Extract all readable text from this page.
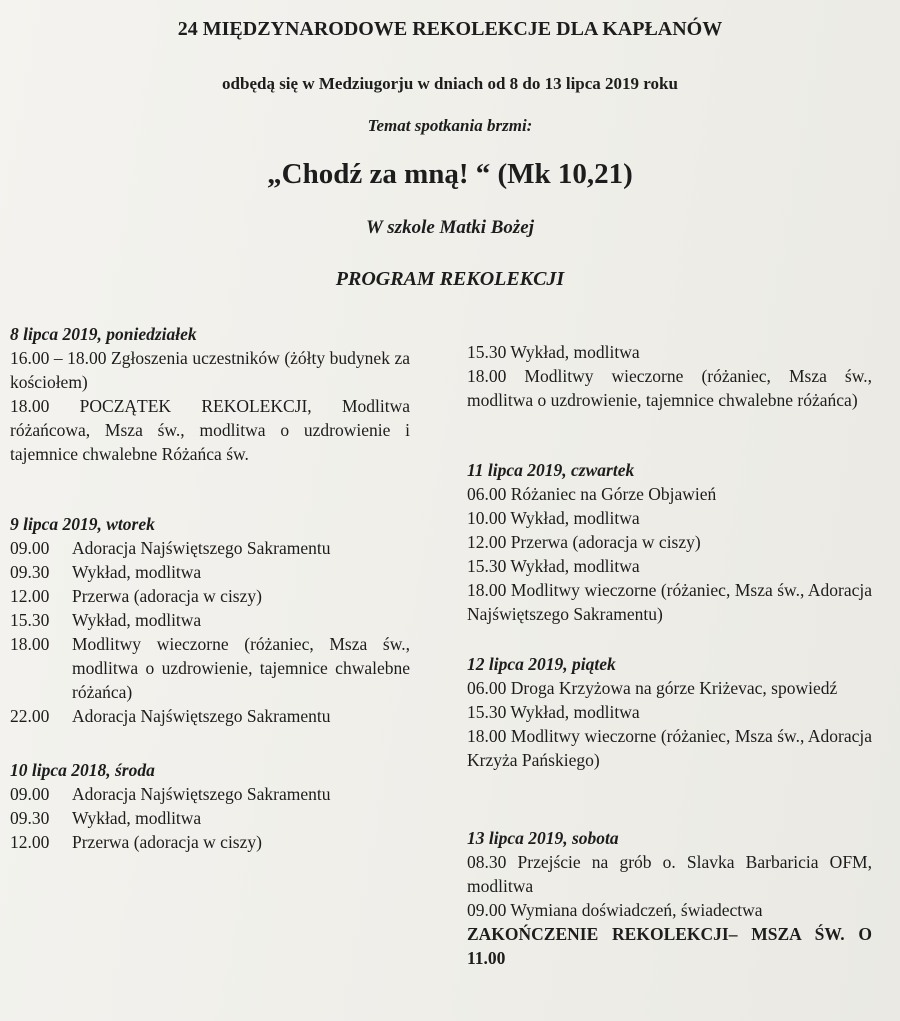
24 MIĘDZYNARODOWE REKOLEKCJE DLA KAPŁANÓW
odbędą się w Medziugorju w dniach od 8 do 13 lipca 2019 roku
Temat spotkania brzmi:
„Chodź za mną! “ (Mk 10,21)
W szkole Matki Bożej
PROGRAM REKOLEKCJI
8 lipca 2019, poniedziałek
16.00 – 18.00 Zgłoszenia uczestników (żółty budynek za kościołem)
18.00 POCZĄTEK REKOLEKCJI, Modlitwa różańcowa, Msza św., modlitwa o uzdrowienie i tajemnice chwalebne Różańca św.
9 lipca 2019, wtorek
09.00	Adoracja Najświętszego Sakramentu
09.30	Wykład, modlitwa
12.00	Przerwa (adoracja w ciszy)
15.30	Wykład, modlitwa
18.00	Modlitwy wieczorne (różaniec, Msza św., modlitwa o uzdrowienie, tajemnice chwalebne różańca)
22.00	Adoracja Najświętszego Sakramentu
10 lipca 2018, środa
09.00	Adoracja Najświętszego Sakramentu
09.30	Wykład, modlitwa
12.00	Przerwa (adoracja w ciszy)
15.30 Wykład, modlitwa
18.00 Modlitwy wieczorne (różaniec, Msza św., modlitwa o uzdrowienie, tajemnice chwalebne różańca)
11 lipca 2019, czwartek
06.00 Różaniec na Górze Objawień
10.00 Wykład, modlitwa
12.00 Przerwa (adoracja w ciszy)
15.30 Wykład, modlitwa
18.00 Modlitwy wieczorne (różaniec, Msza św., Adoracja Najświętszego Sakramentu)
12 lipca 2019, piątek
06.00 Droga Krzyżowa na górze Kriżevac, spowiedź
15.30 Wykład, modlitwa
18.00 Modlitwy wieczorne (różaniec, Msza św., Adoracja Krzyża Pańskiego)
13 lipca 2019, sobota
08.30 Przejście na grób o. Slavka Barbaricia OFM, modlitwa
09.00 Wymiana doświadczeń, świadectwa
ZAKOŃCZENIE REKOLEKCJI– MSZA ŚW. O 11.00
